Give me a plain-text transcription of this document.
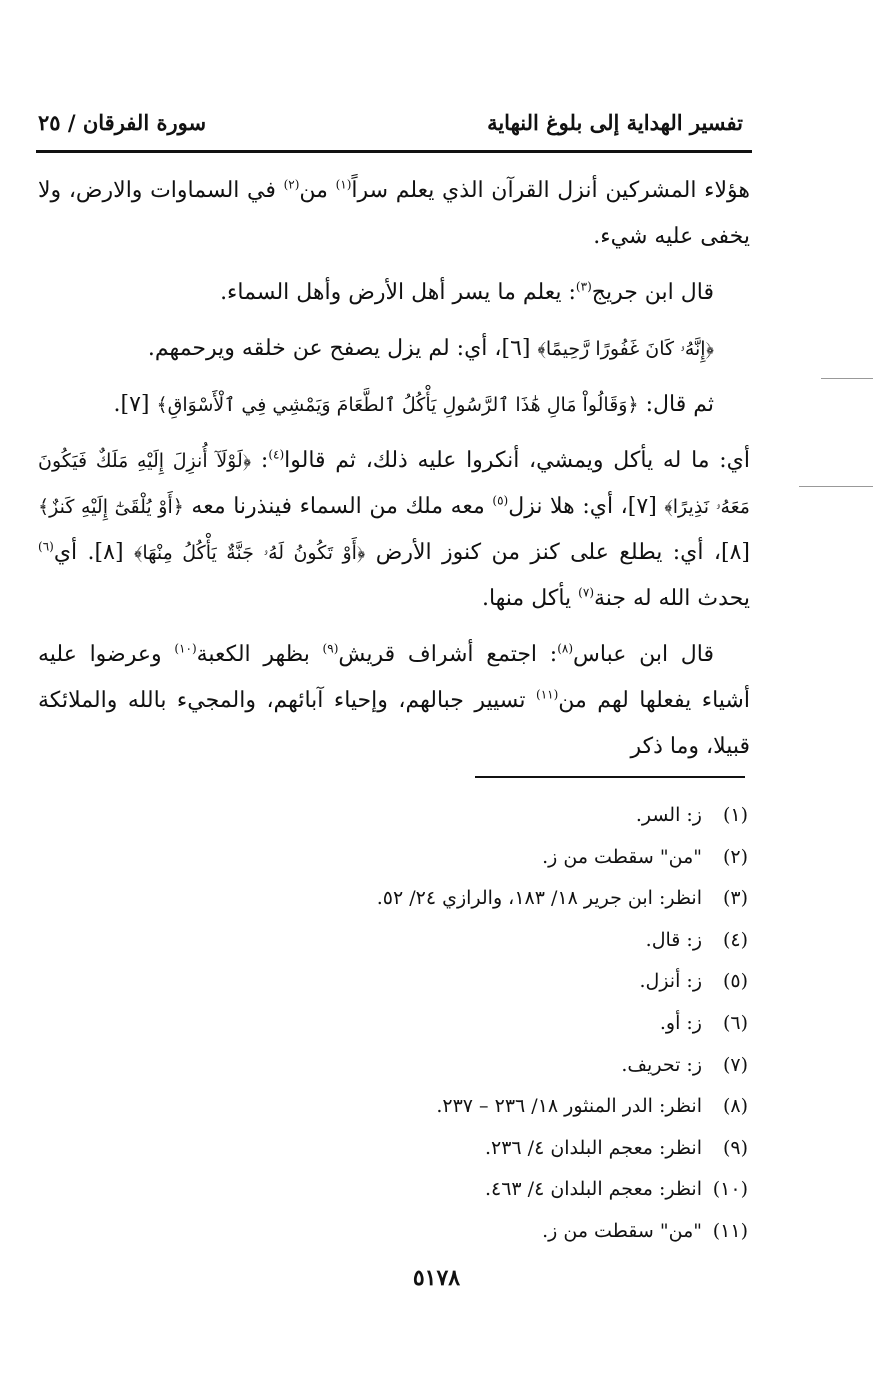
تفسير الهداية إلى بلوغ النهاية
سورة الفرقان / ٢٥

هؤلاء المشركين أنزل القرآن الذي يعلم سراً$^{(١)}$ من$^{(٢)}$ في السماوات والارض، ولا يخفى عليه شيء.

قال ابن جريج$^{(٣)}$: يعلم ما يسر أهل الأرض وأهل السماء.

﴿إِنَّهُۥ كَانَ غَفُورًا رَّحِيمًا﴾ [٦]، أي: لم يزل يصفح عن خلقه ويرحمهم.

ثم قال: ﴿وَقَالُواْ مَالِ هَٰذَا ٱلرَّسُولِ يَأْكُلُ ٱلطَّعَامَ وَيَمْشِي فِي ٱلْأَسْوَاقِ﴾ [٧].

أي: ما له يأكل ويمشي، أنكروا عليه ذلك، ثم قالوا$^{(٤)}$: ﴿لَوْلَآ أُنزِلَ إِلَيْهِ مَلَكٌ فَيَكُونَ مَعَهُۥ نَذِيرًا﴾ [٧]، أي: هلا نزل$^{(٥)}$ معه ملك من السماء فينذرنا معه ﴿أَوْ يُلْقَىٰٓ إِلَيْهِ كَنزٌ﴾ [٨]، أي: يطلع على كنز من كنوز الأرض ﴿أَوْ تَكُونُ لَهُۥ جَنَّةٌ يَأْكُلُ مِنْهَا﴾ [٨]. أي$^{(٦)}$ يحدث الله له جنة$^{(٧)}$ يأكل منها.

قال ابن عباس$^{(٨)}$: اجتمع أشراف قريش$^{(٩)}$ بظهر الكعبة$^{(١٠)}$ وعرضوا عليه أشياء يفعلها لهم من$^{(١١)}$ تسيير جبالهم، وإحياء آبائهم، والمجيء بالله والملائكة قبيلا، وما ذكر

(١)ز: السر.
(٢)"من" سقطت من ز.
(٣)انظر: ابن جرير ١٨/ ١٨٣، والرازي ٢٤/ ٥٢.
(٤)ز: قال.
(٥)ز: أنزل.
(٦)ز: أو.
(٧)ز: تحريف.
(٨)انظر: الدر المنثور ١٨/ ٢٣٦ – ٢٣٧.
(٩)انظر: معجم البلدان ٤/ ٢٣٦.
(١٠)انظر: معجم البلدان ٤/ ٤٦٣.
(١١)"من" سقطت من ز.
٥١٧٨
